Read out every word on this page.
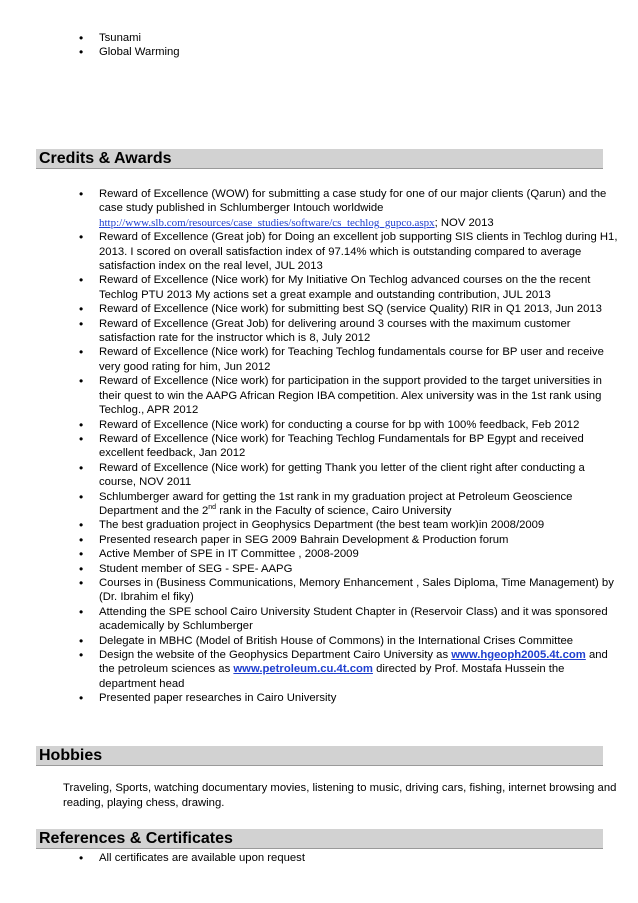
• Tsunami
• Global Warming
Credits & Awards
• Reward of Excellence (WOW) for submitting a case study for one of our major clients (Qarun) and the case study published in Schlumberger Intouch worldwide http://www.slb.com/resources/case_studies/software/cs_techlog_gupco.aspx; NOV 2013
• Reward of Excellence (Great job) for Doing an excellent job supporting SIS clients in Techlog during H1, 2013. I scored on overall satisfaction index of 97.14% which is outstanding compared to average satisfaction index on the real level, JUL 2013
• Reward of Excellence (Nice work) for My Initiative On Techlog advanced courses on the the recent Techlog PTU 2013 My actions set a great example and outstanding contribution, JUL 2013
• Reward of Excellence (Nice work) for submitting best SQ (service Quality) RIR in Q1 2013, Jun 2013
• Reward of Excellence (Great Job) for delivering around 3 courses with the maximum customer satisfaction rate for the instructor which is 8, July 2012
• Reward of Excellence (Nice work) for Teaching Techlog fundamentals course for BP user and receive very good rating for him, Jun 2012
• Reward of Excellence (Nice work) for participation in the support provided to the target universities in their quest to win the AAPG African Region IBA competition. Alex university was in the 1st rank using Techlog., APR 2012
• Reward of Excellence (Nice work) for conducting a course for bp with 100% feedback, Feb 2012
• Reward of Excellence (Nice work) for Teaching Techlog Fundamentals for BP Egypt and received excellent feedback, Jan 2012
• Reward of Excellence (Nice work) for getting Thank you letter of the client right after conducting a course, NOV 2011
• Schlumberger award for getting the 1st rank in my graduation project at Petroleum Geoscience Department and the 2nd rank in the Faculty of science, Cairo University
• The best graduation project in Geophysics Department (the best team work)in 2008/2009
• Presented research paper in SEG 2009 Bahrain Development & Production forum
• Active Member of SPE in IT Committee , 2008-2009
• Student member of SEG - SPE- AAPG
• Courses in (Business Communications, Memory Enhancement , Sales Diploma, Time Management) by (Dr. Ibrahim el fiky)
• Attending the SPE school Cairo University Student Chapter in (Reservoir Class) and it was sponsored academically by Schlumberger
• Delegate in MBHC (Model of British House of Commons) in the International Crises Committee
• Design the website of the Geophysics Department Cairo University as www.hgeoph2005.4t.com and the petroleum sciences as www.petroleum.cu.4t.com directed by Prof. Mostafa Hussein the department head
• Presented paper researches in Cairo University
Hobbies
Traveling, Sports, watching documentary movies, listening to music, driving cars, fishing, internet browsing and reading, playing chess, drawing.
References & Certificates
• All certificates are available upon request
